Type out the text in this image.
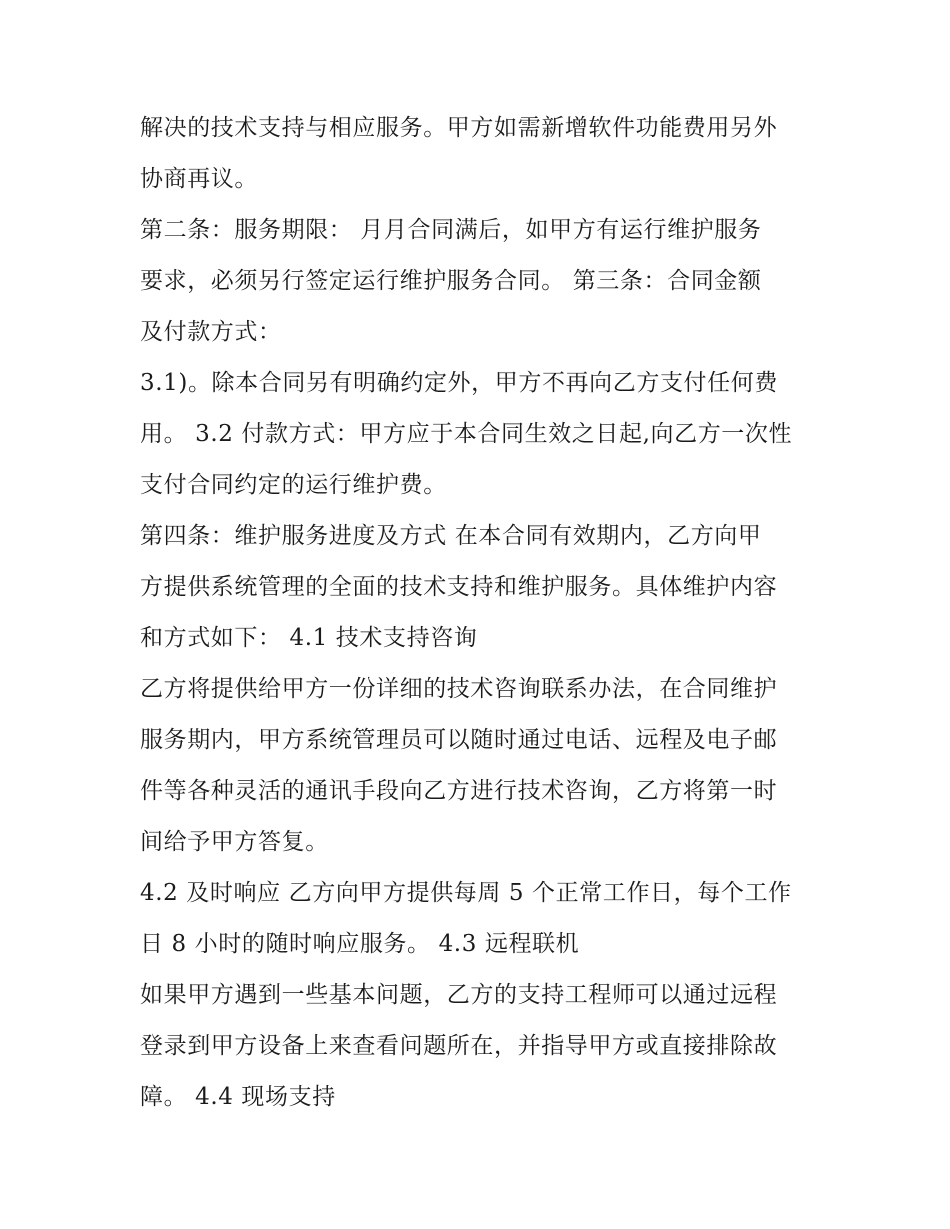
解决的技术支持与相应服务。甲方如需新增软件功能费用另外
协商再议。
第二条：服务期限： 月月合同满后，如甲方有运行维护服务
要求，必须另行签定运行维护服务合同。 第三条：合同金额
及付款方式：
3.1)。除本合同另有明确约定外，甲方不再向乙方支付任何费
用。 3.2 付款方式：甲方应于本合同生效之日起,向乙方一次性
支付合同约定的运行维护费。
第四条：维护服务进度及方式 在本合同有效期内，乙方向甲
方提供系统管理的全面的技术支持和维护服务。具体维护内容
和方式如下： 4.1 技术支持咨询
乙方将提供给甲方一份详细的技术咨询联系办法，在合同维护
服务期内，甲方系统管理员可以随时通过电话、远程及电子邮
件等各种灵活的通讯手段向乙方进行技术咨询，乙方将第一时
间给予甲方答复。
4.2 及时响应 乙方向甲方提供每周 5 个正常工作日，每个工作
日 8 小时的随时响应服务。 4.3 远程联机
如果甲方遇到一些基本问题，乙方的支持工程师可以通过远程
登录到甲方设备上来查看问题所在，并指导甲方或直接排除故
障。 4.4 现场支持
